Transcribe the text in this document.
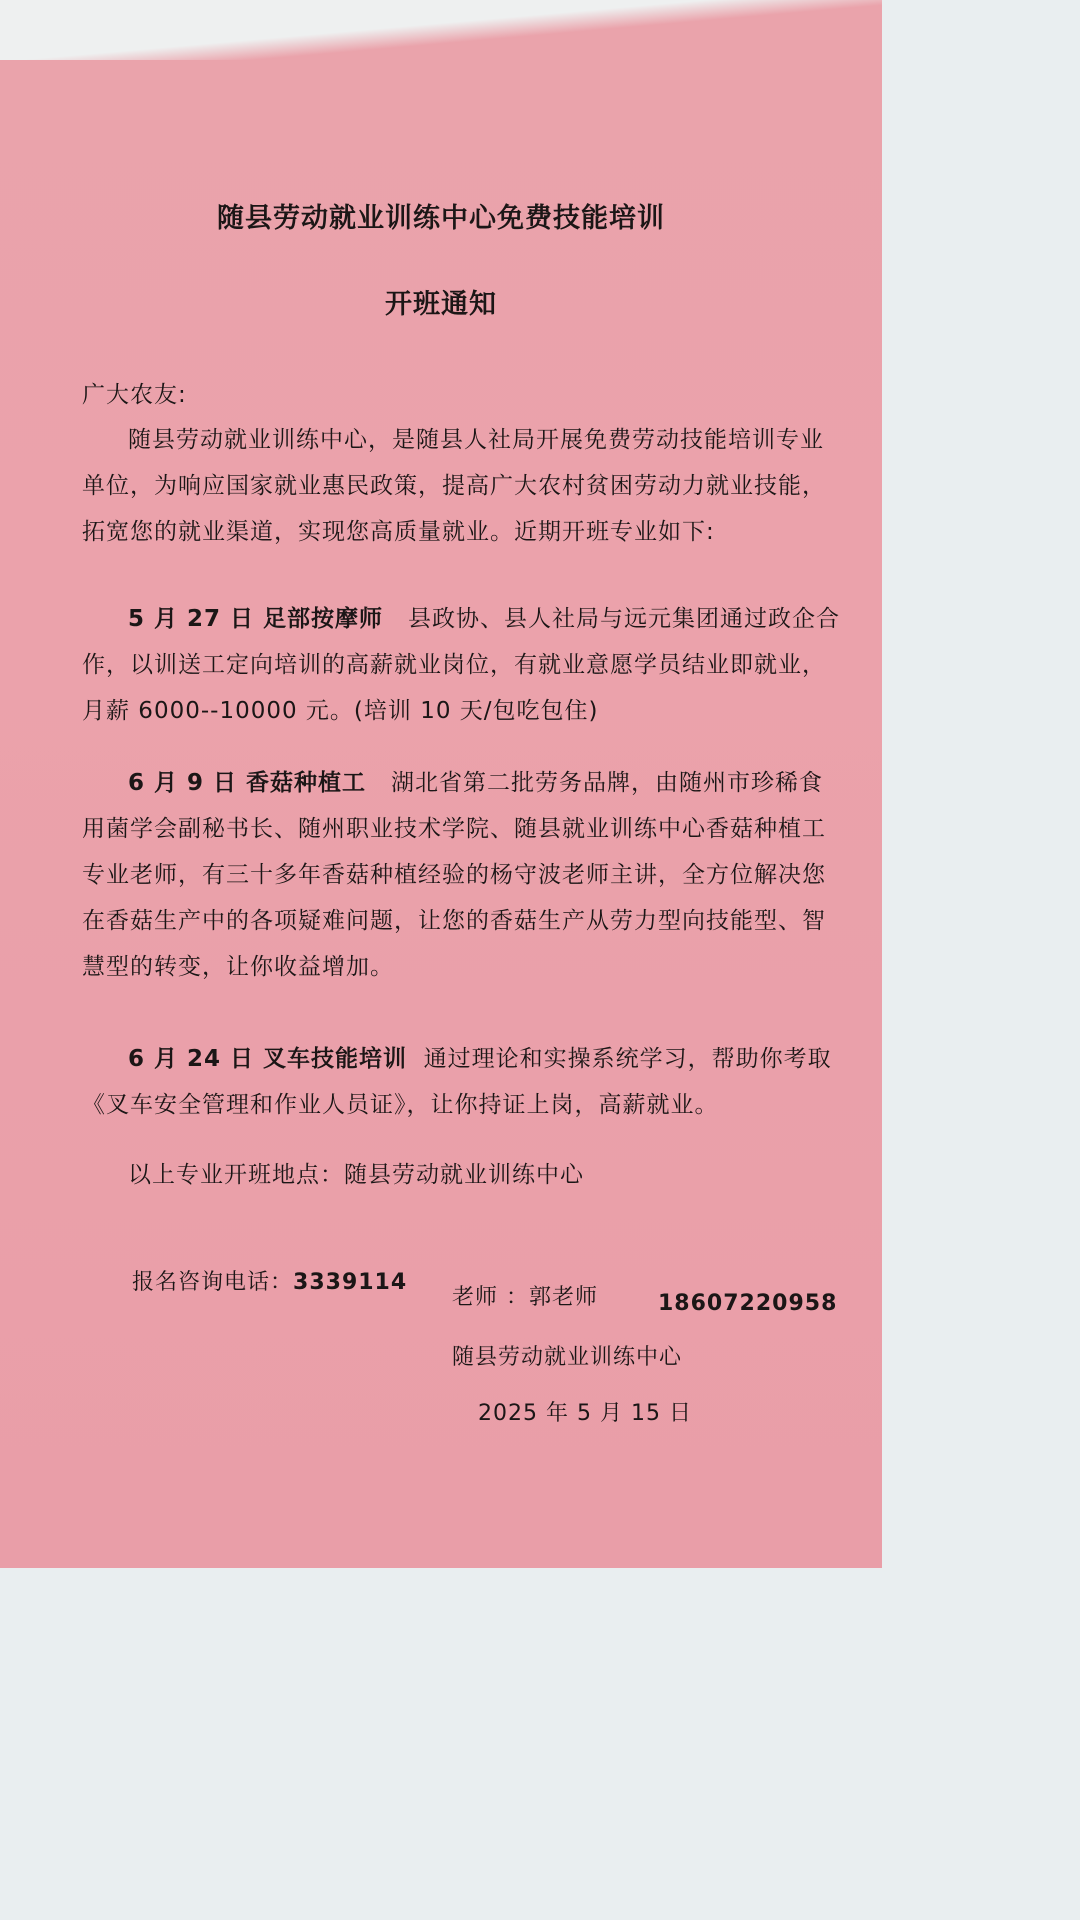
随县劳动就业训练中心免费技能培训
开班通知
广大农友:
随县劳动就业训练中心，是随县人社局开展免费劳动技能培训专业单位，为响应国家就业惠民政策，提高广大农村贫困劳动力就业技能，拓宽您的就业渠道，实现您高质量就业。近期开班专业如下:
5 月 27 日 足部按摩师 县政协、县人社局与远元集团通过政企合作，以训送工定向培训的高薪就业岗位，有就业意愿学员结业即就业，月薪 6000--10000 元。(培训 10 天/包吃包住)
6 月 9 日 香菇种植工 湖北省第二批劳务品牌，由随州市珍稀食用菌学会副秘书长、随州职业技术学院、随县就业训练中心香菇种植工专业老师，有三十多年香菇种植经验的杨守波老师主讲，全方位解决您在香菇生产中的各项疑难问题，让您的香菇生产从劳力型向技能型、智慧型的转变，让你收益增加。
6 月 24 日 叉车技能培训 通过理论和实操系统学习，帮助你考取《叉车安全管理和作业人员证》，让你持证上岗，高薪就业。
以上专业开班地点：随县劳动就业训练中心
报名咨询电话：3339114
老师 ：郭老师	18607220958
随县劳动就业训练中心
2025 年 5 月 15 日
